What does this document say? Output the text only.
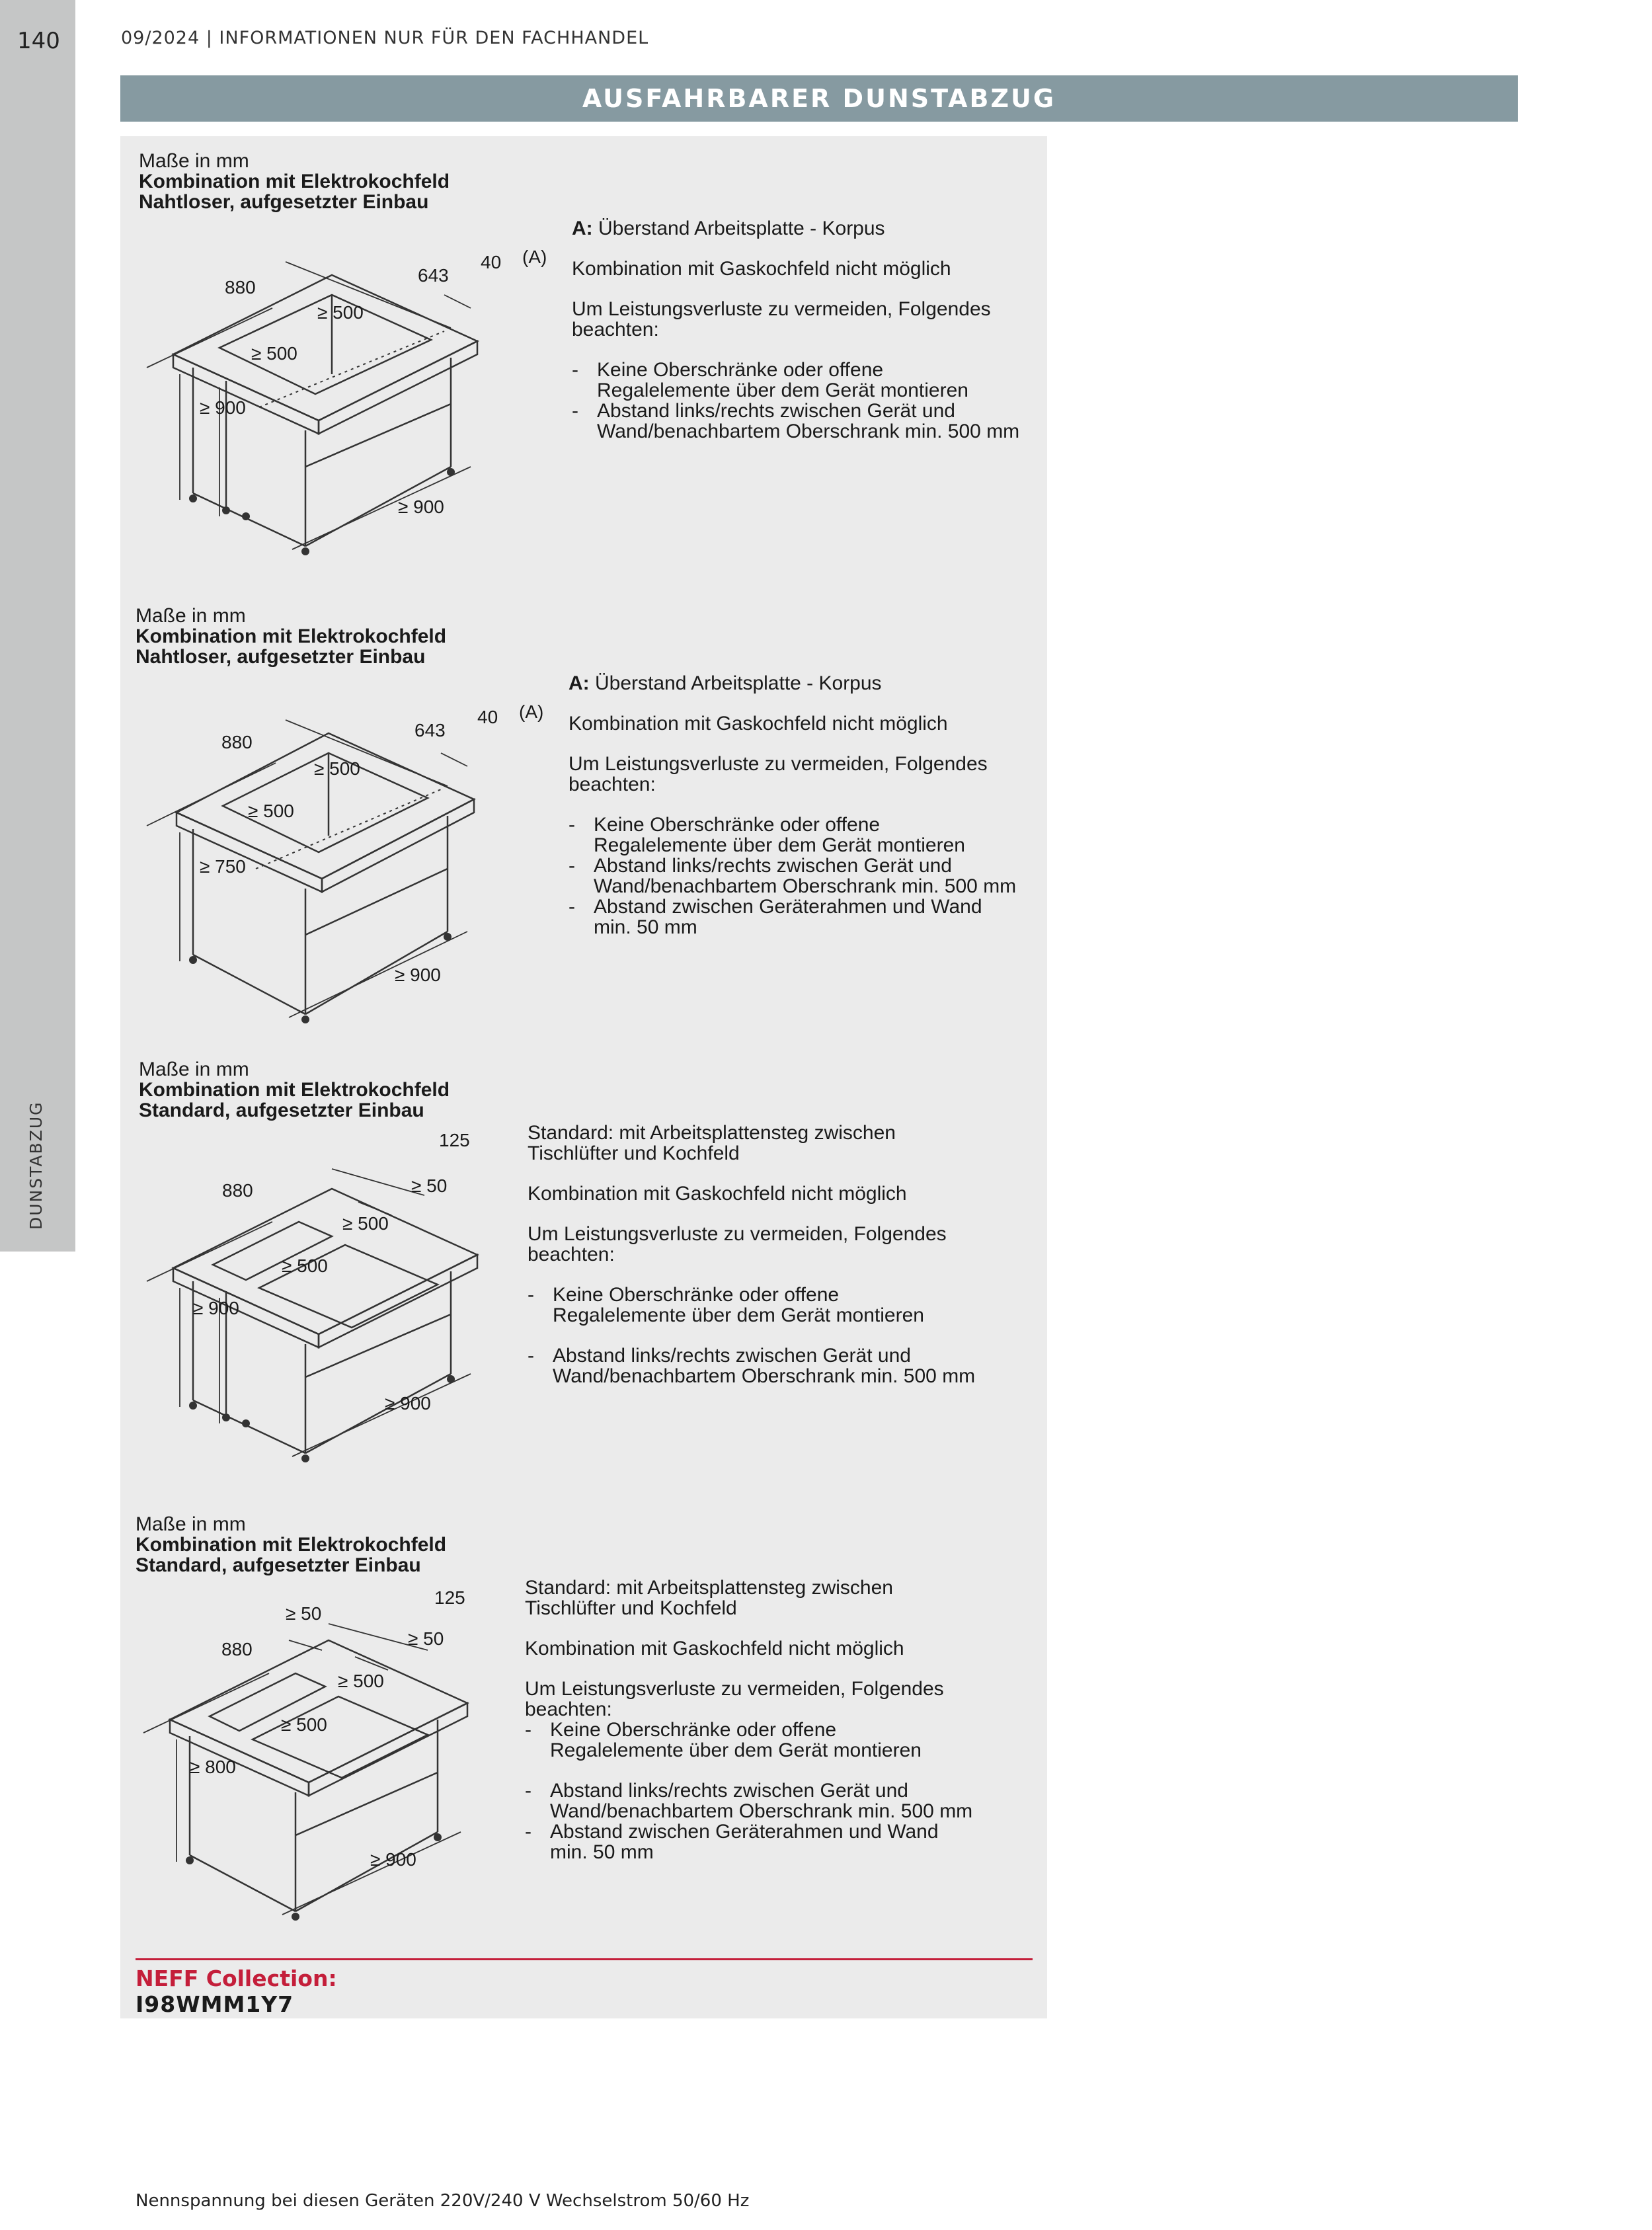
140
DUNSTABZUG
09/2024 | INFORMATIONEN NUR FÜR DEN FACHHANDEL
AUSFAHRBARER DUNSTABZUG
Maße in mm
Kombination mit Elektrokochfeld
Nahtloser, aufgesetzter Einbau
880
643
40 (A)
≥ 500
≥ 500
≥ 900
≥ 900

A: Überstand Arbeitsplatte - Korpus

Kombination mit Gaskochfeld nicht möglich

Um Leistungsverluste zu vermeiden, Folgendes beachten:

- Keine Oberschränke oder offene Regalelemente über dem Gerät montieren
- Abstand links/rechts zwischen Gerät und Wand/benachbartem Oberschrank min. 500 mm
Maße in mm
Kombination mit Elektrokochfeld
Nahtloser, aufgesetzter Einbau
880
643
40 (A)
≥ 500
≥ 500
≥ 750
≥ 900

A: Überstand Arbeitsplatte - Korpus

Kombination mit Gaskochfeld nicht möglich

Um Leistungsverluste zu vermeiden, Folgendes beachten:

- Keine Oberschränke oder offene Regalelemente über dem Gerät montieren
- Abstand links/rechts zwischen Gerät und Wand/benachbartem Oberschrank min. 500 mm
- Abstand zwischen Geräterahmen und Wand min. 50 mm
Maße in mm
Kombination mit Elektrokochfeld
Standard, aufgesetzter Einbau
880
125
≥ 50
≥ 500
≥ 500
≥ 900
≥ 900

Standard: mit Arbeitsplattensteg zwischen Tischlüfter und Kochfeld

Kombination mit Gaskochfeld nicht möglich

Um Leistungsverluste zu vermeiden, Folgendes beachten:

- Keine Oberschränke oder offene Regalelemente über dem Gerät montieren
- Abstand links/rechts zwischen Gerät und Wand/benachbartem Oberschrank min. 500 mm
Maße in mm
Kombination mit Elektrokochfeld
Standard, aufgesetzter Einbau
880
125
≥ 50
≥ 50
≥ 500
≥ 500
≥ 800
≥ 900

Standard: mit Arbeitsplattensteg zwischen Tischlüfter und Kochfeld

Kombination mit Gaskochfeld nicht möglich

Um Leistungsverluste zu vermeiden, Folgendes beachten:

- Keine Oberschränke oder offene Regalelemente über dem Gerät montieren
- Abstand links/rechts zwischen Gerät und Wand/benachbartem Oberschrank min. 500 mm
- Abstand zwischen Geräterahmen und Wand min. 50 mm
NEFF Collection:
I98WMM1Y7
Nennspannung bei diesen Geräten 220V/240 V Wechselstrom 50/60 Hz
